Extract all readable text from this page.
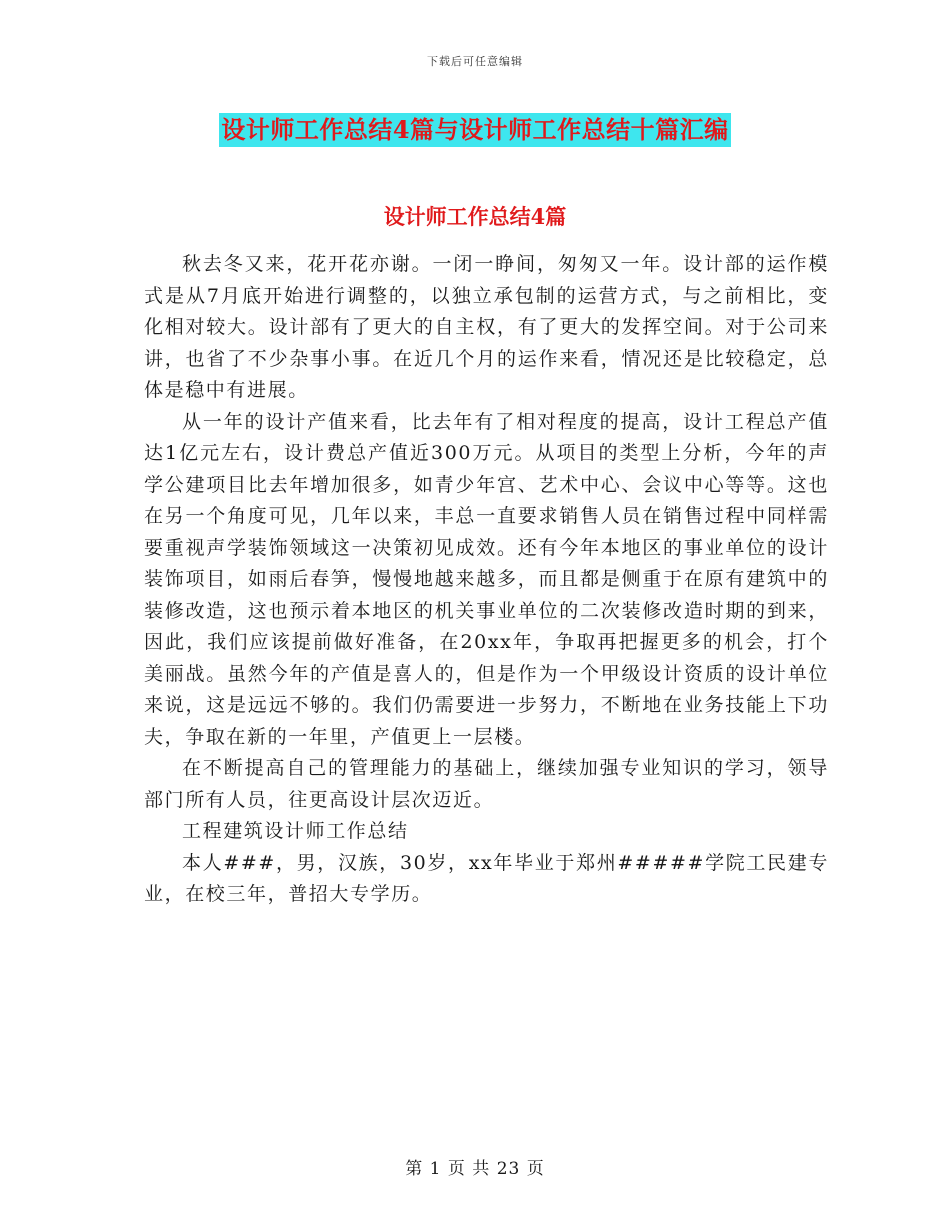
下载后可任意编辑
设计师工作总结4篇与设计师工作总结十篇汇编
设计师工作总结4篇

秋去冬又来，花开花亦谢。一闭一睁间，匆匆又一年。设计部的运作模式是从7月底开始进行调整的，以独立承包制的运营方式，与之前相比，变化相对较大。设计部有了更大的自主权，有了更大的发挥空间。对于公司来讲，也省了不少杂事小事。在近几个月的运作来看，情况还是比较稳定，总体是稳中有进展。

从一年的设计产值来看，比去年有了相对程度的提高，设计工程总产值达1亿元左右，设计费总产值近300万元。从项目的类型上分析，今年的声学公建项目比去年增加很多，如青少年宫、艺术中心、会议中心等等。这也在另一个角度可见，几年以来，丰总一直要求销售人员在销售过程中同样需要重视声学装饰领域这一决策初见成效。还有今年本地区的事业单位的设计装饰项目，如雨后春笋，慢慢地越来越多，而且都是侧重于在原有建筑中的装修改造，这也预示着本地区的机关事业单位的二次装修改造时期的到来，因此，我们应该提前做好准备，在20xx年，争取再把握更多的机会，打个美丽战。虽然今年的产值是喜人的，但是作为一个甲级设计资质的设计单位来说，这是远远不够的。我们仍需要进一步努力，不断地在业务技能上下功夫，争取在新的一年里，产值更上一层楼。

在不断提高自己的管理能力的基础上，继续加强专业知识的学习，领导部门所有人员，往更高设计层次迈近。

工程建筑设计师工作总结

本人###，男，汉族，30岁，xx年毕业于郑州#####学院工民建专业，在校三年，普招大专学历。

第 1 页 共 23 页
